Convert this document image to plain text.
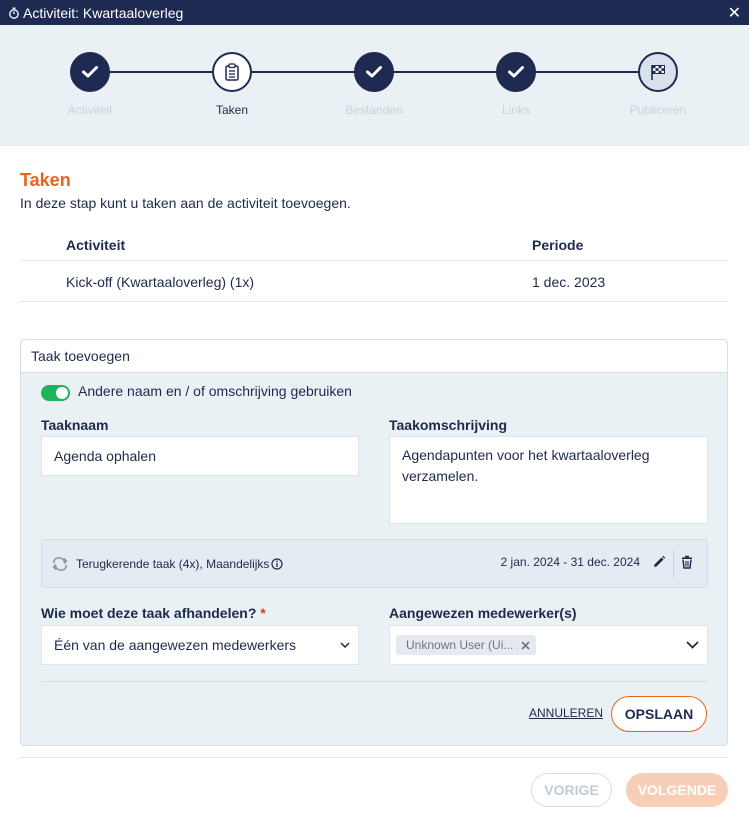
Activiteit: Kwartaaloverleg	✕
Activiteit	Taken	Bestanden	Links	Publiceren
Taken
In deze stap kunt u taken aan de activiteit toevoegen.
Activiteit	Periode
Kick-off (Kwartaaloverleg) (1x)	1 dec. 2023
Taak toevoegen
Andere naam en / of omschrijving gebruiken
Taaknaam
Agenda ophalen
Taakomschrijving
Agendapunten voor het kwartaaloverleg verzamelen.
Terugkerende taak (4x), Maandelijks	2 jan. 2024 - 31 dec. 2024
Wie moet deze taak afhandelen? *
Één van de aangewezen medewerkers
Aangewezen medewerker(s)
Unknown User (Ui...
ANNULEREN	OPSLAAN
VORIGE	VOLGENDE
